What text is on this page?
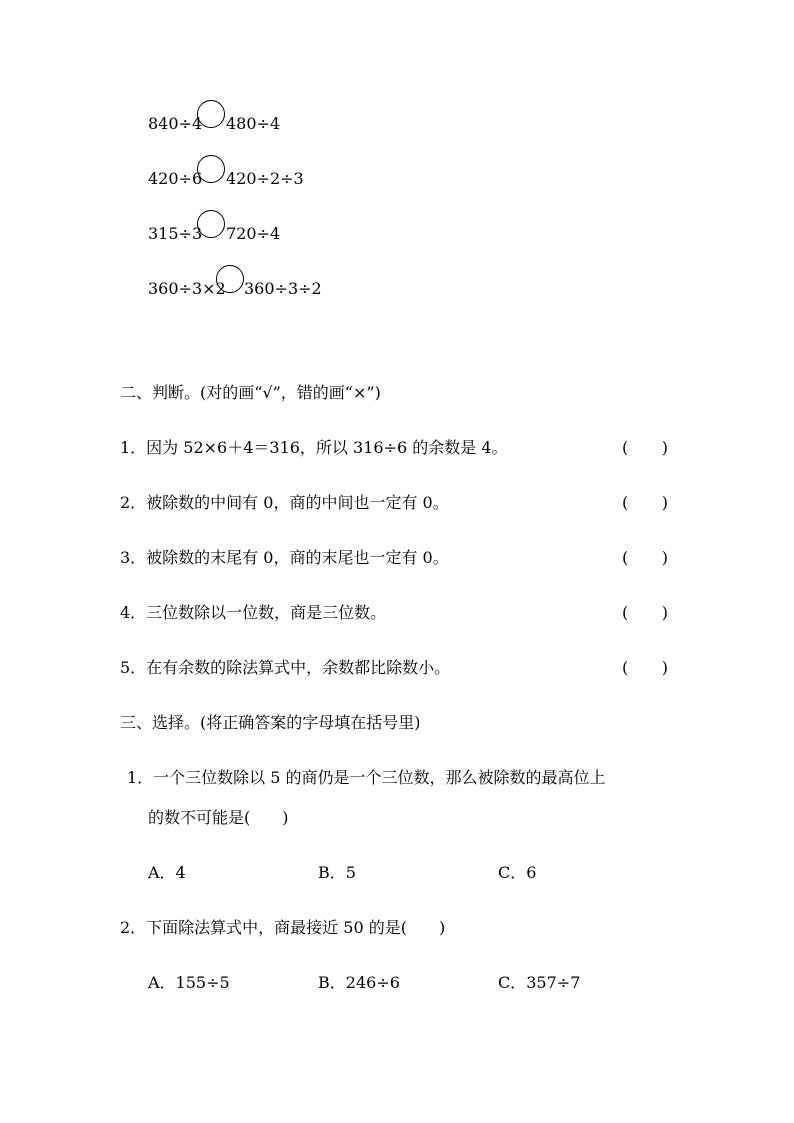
840÷4 480÷4
420÷6 420÷2÷3
315÷3 720÷4
360÷3×2 360÷3÷2
二、判断。(对的画“√”，错的画“×”)
1．因为 52×6＋4＝316，所以 316÷6 的余数是 4。	( )
2．被除数的中间有 0，商的中间也一定有 0。	( )
3．被除数的末尾有 0，商的末尾也一定有 0。	( )
4．三位数除以一位数，商是三位数。	( )
5．在有余数的除法算式中，余数都比除数小。	( )
三、选择。(将正确答案的字母填在括号里)
1．一个三位数除以 5 的商仍是一个三位数，那么被除数的最高位上
的数不可能是(　　)
A．4	B．5	C．6
2．下面除法算式中，商最接近 50 的是(　　)
A．155÷5	B．246÷6	C．357÷7
